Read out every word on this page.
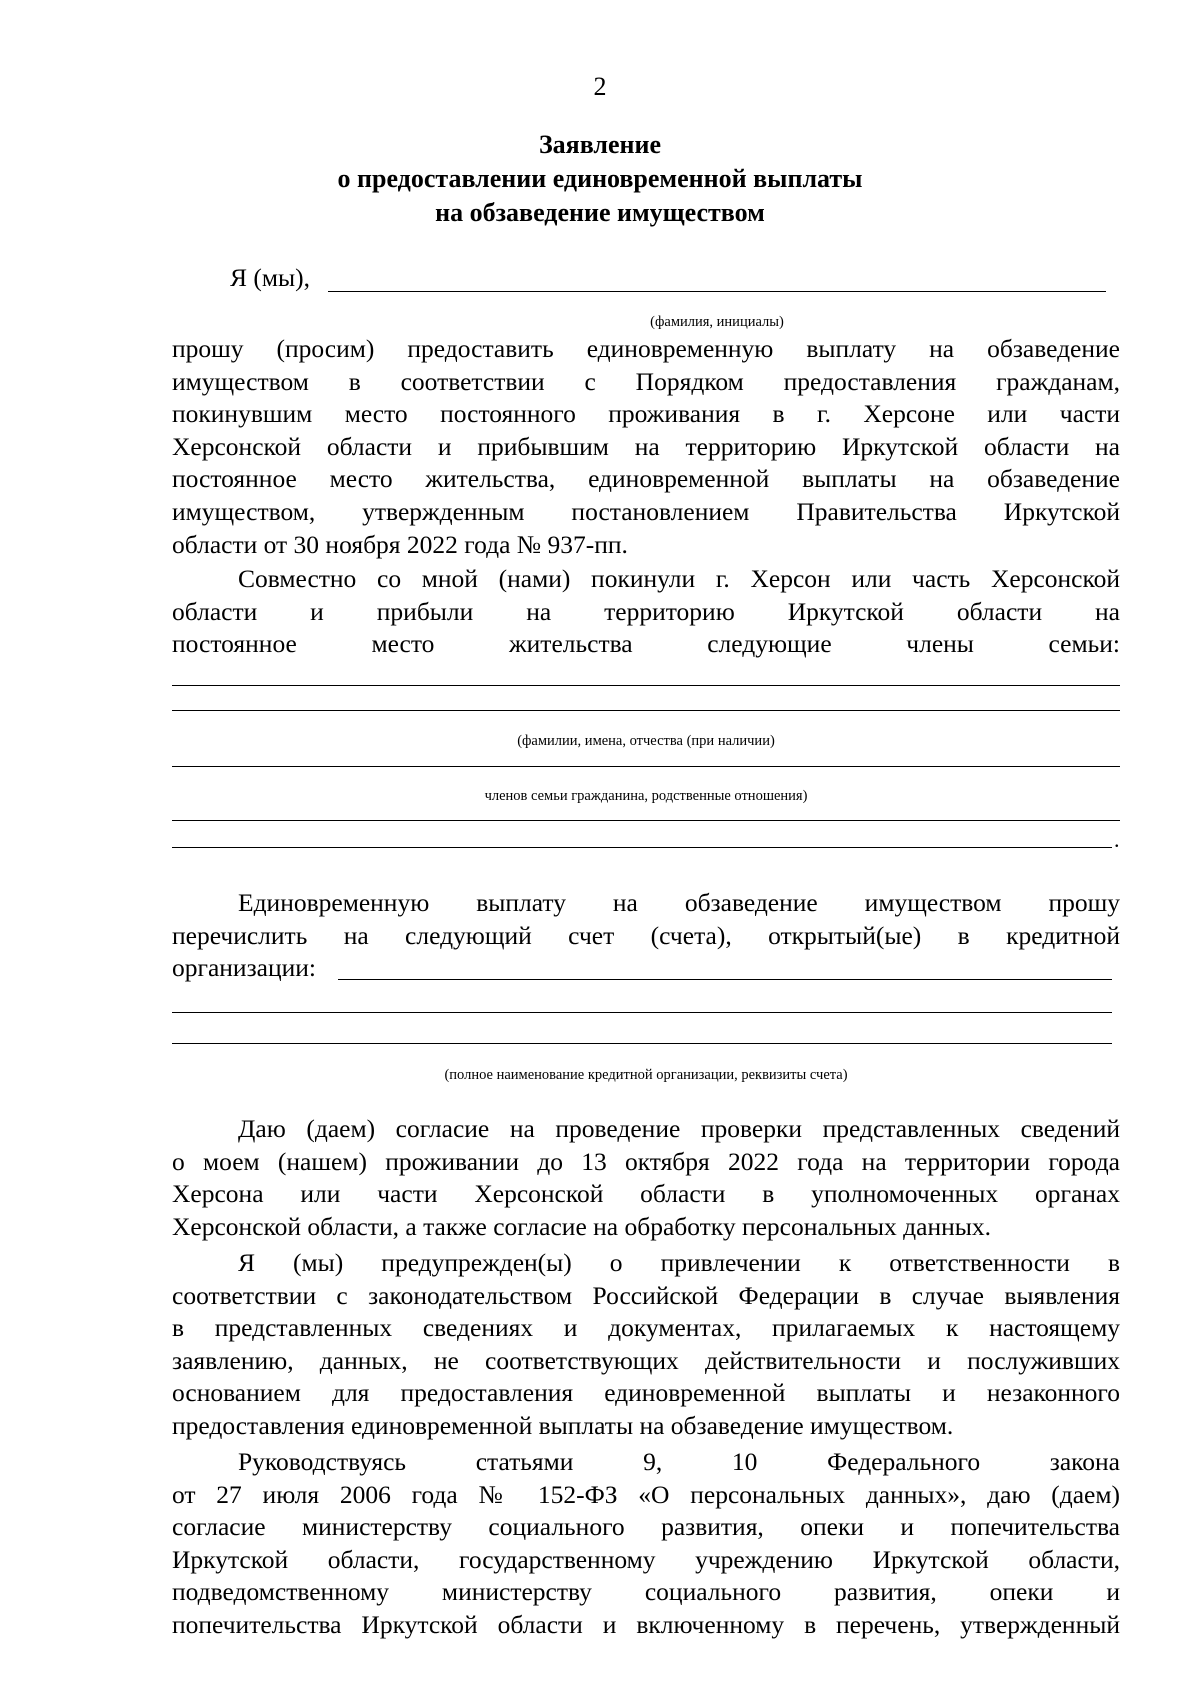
2
Заявление
о предоставлении единовременной выплаты
на обзаведение имуществом
Я (мы),
(фамилия, инициалы)
прошу (просим) предоставить единовременную выплату на обзаведение
имуществом в соответствии с Порядком предоставления гражданам,
покинувшим место постоянного проживания в г. Херсоне или части
Херсонской области и прибывшим на территорию Иркутской области на
постоянное место жительства, единовременной выплаты на обзаведение
имуществом, утвержденным постановлением Правительства Иркутской
области от 30 ноября 2022 года № 937-пп.
Совместно со мной (нами) покинули г. Херсон или часть Херсонской
области и прибыли на территорию Иркутской области на
постоянное место жительства следующие члены семьи:
(фамилии, имена, отчества (при наличии)
членов семьи гражданина, родственные отношения)
.
Единовременную выплату на обзаведение имуществом прошу
перечислить на следующий счет (счета), открытый(ые) в кредитной
организации:
(полное наименование кредитной организации, реквизиты счета)
Даю (даем) согласие на проведение проверки представленных сведений
о моем (нашем) проживании до 13 октября 2022 года на территории города
Херсона или части Херсонской области в уполномоченных органах
Херсонской области, а также согласие на обработку персональных данных.
Я (мы) предупрежден(ы) о привлечении к ответственности в
соответствии с законодательством Российской Федерации в случае выявления
в представленных сведениях и документах, прилагаемых к настоящему
заявлению, данных, не соответствующих действительности и послуживших
основанием для предоставления единовременной выплаты и незаконного
предоставления единовременной выплаты на обзаведение имуществом.
Руководствуясь статьями 9, 10 Федерального закона
от 27 июля 2006 года № 152-ФЗ «О персональных данных», даю (даем)
согласие министерству социального развития, опеки и попечительства
Иркутской области, государственному учреждению Иркутской области,
подведомственному министерству социального развития, опеки и
попечительства Иркутской области и включенному в перечень, утвержденный
